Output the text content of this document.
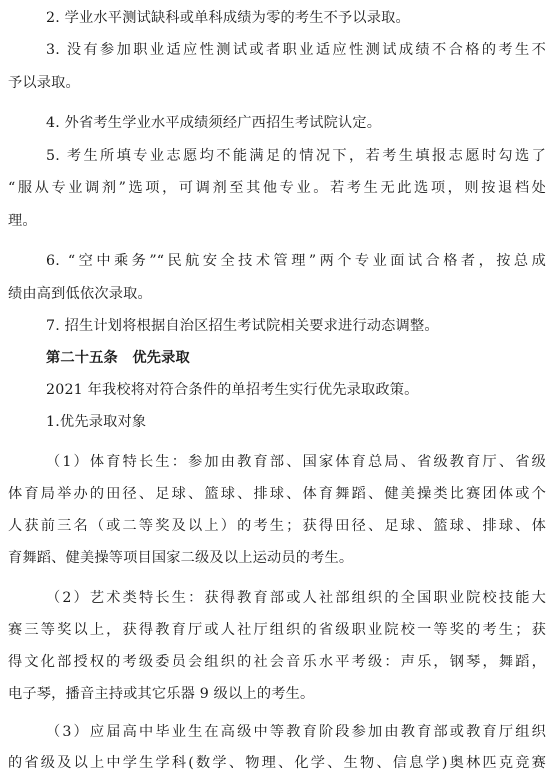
2. 学业水平测试缺科或单科成绩为零的考生不予以录取。
3. 没有参加职业适应性测试或者职业适应性测试成绩不合格的考生不
予以录取。
4. 外省考生学业水平成绩须经广西招生考试院认定。
5. 考生所填专业志愿均不能满足的情况下，若考生填报志愿时勾选了
“服从专业调剂”选项，可调剂至其他专业。若考生无此选项，则按退档处
理。
6. “空中乘务”“民航安全技术管理”两个专业面试合格者，按总成
绩由高到低依次录取。
7. 招生计划将根据自治区招生考试院相关要求进行动态调整。
第二十五条　优先录取
2021 年我校将对符合条件的单招考生实行优先录取政策。
1.优先录取对象
（1）体育特长生：参加由教育部、国家体育总局、省级教育厅、省级
体育局举办的田径、足球、篮球、排球、体育舞蹈、健美操类比赛团体或个
人获前三名（或二等奖及以上）的考生；获得田径、足球、篮球、排球、体
育舞蹈、健美操等项目国家二级及以上运动员的考生。
（2）艺术类特长生：获得教育部或人社部组织的全国职业院校技能大
赛三等奖以上，获得教育厅或人社厅组织的省级职业院校一等奖的考生；获
得文化部授权的考级委员会组织的社会音乐水平考级：声乐，钢琴，舞蹈，
电子琴，播音主持或其它乐器 9 级以上的考生。
（3）应届高中毕业生在高级中等教育阶段参加由教育部或教育厅组织
的省级及以上中学生学科(数学、物理、化学、生物、信息学)奥林匹克竞赛
